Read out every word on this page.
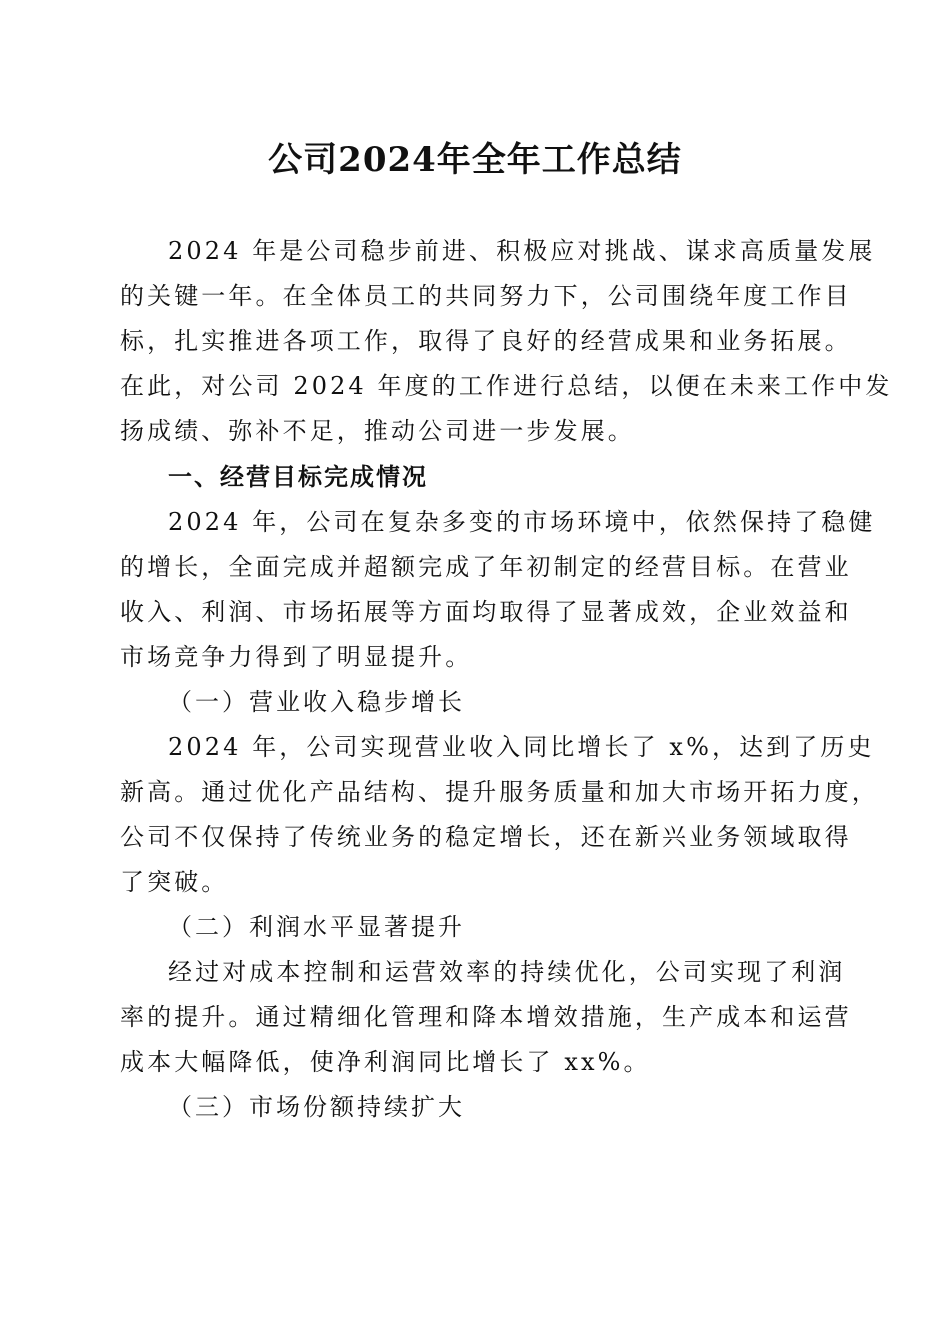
公司2024年全年工作总结
2024 年是公司稳步前进、积极应对挑战、谋求高质量发展
的关键一年。在全体员工的共同努力下，公司围绕年度工作目
标，扎实推进各项工作，取得了良好的经营成果和业务拓展。
在此，对公司 2024 年度的工作进行总结，以便在未来工作中发
扬成绩、弥补不足，推动公司进一步发展。
一、经营目标完成情况
2024 年，公司在复杂多变的市场环境中，依然保持了稳健
的增长，全面完成并超额完成了年初制定的经营目标。在营业
收入、利润、市场拓展等方面均取得了显著成效，企业效益和
市场竞争力得到了明显提升。
（一）营业收入稳步增长
2024 年，公司实现营业收入同比增长了 x%，达到了历史
新高。通过优化产品结构、提升服务质量和加大市场开拓力度，
公司不仅保持了传统业务的稳定增长，还在新兴业务领域取得
了突破。
（二）利润水平显著提升
经过对成本控制和运营效率的持续优化，公司实现了利润
率的提升。通过精细化管理和降本增效措施，生产成本和运营
成本大幅降低，使净利润同比增长了 xx%。
（三）市场份额持续扩大
